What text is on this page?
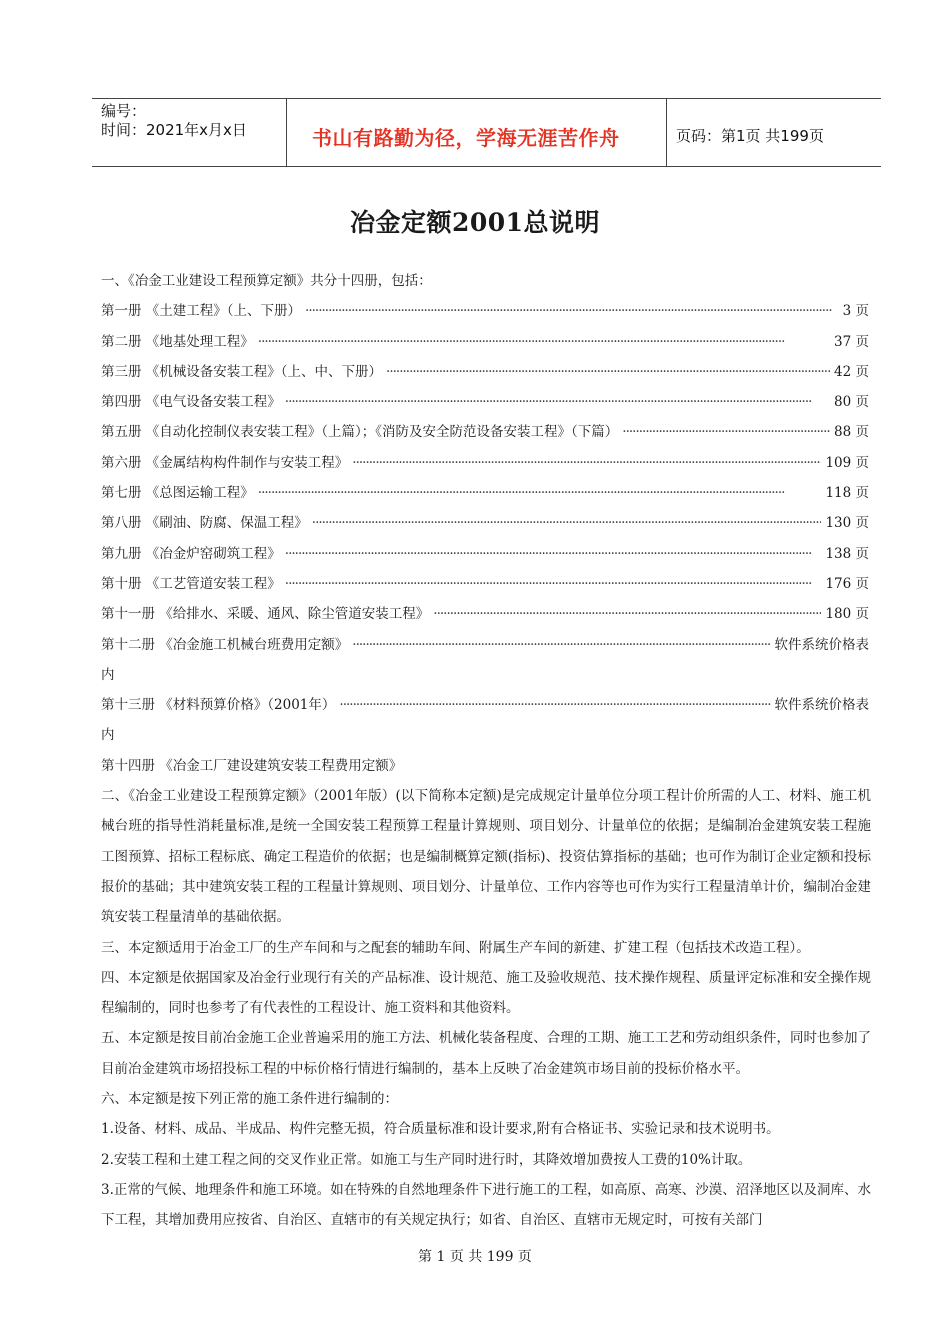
编号：
时间：2021年x月x日	书山有路勤为径，学海无涯苦作舟	页码：第1页 共199页
冶金定额2001总说明
一、《冶金工业建设工程预算定额》共分十四册，包括：
第一册 《土建工程》（上、下册） ·····	3 页
第二册 《地基处理工程》 ·····	37 页
第三册 《机械设备安装工程》（上、中、下册） ·····	42 页
第四册 《电气设备安装工程》 ·····	80 页
第五册 《自动化控制仪表安装工程》（上篇）；《消防及安全防范设备安装工程》（下篇） ·····	88 页
第六册 《金属结构构件制作与安装工程》 ·····	109 页
第七册 《总图运输工程》 ·····	118 页
第八册 《刷油、防腐、保温工程》 ·····	130 页
第九册 《冶金炉窑砌筑工程》 ·····	138 页
第十册 《工艺管道安装工程》 ·····	176 页
第十一册 《给排水、采暖、通风、除尘管道安装工程》 ·····	180 页
第十二册 《冶金施工机械台班费用定额》 ·····	软件系统价格表
内
第十三册 《材料预算价格》（2001年） ·····	软件系统价格表
内
第十四册 《冶金工厂建设建筑安装工程费用定额》
二、《冶金工业建设工程预算定额》（2001年版）(以下简称本定额)是完成规定计量单位分项工程计价所需的人工、材料、施工机械台班的指导性消耗量标准,是统一全国安装工程预算工程量计算规则、项目划分、计量单位的依据；是编制冶金建筑安装工程施工图预算、招标工程标底、确定工程造价的依据；也是编制概算定额(指标)、投资估算指标的基础；也可作为制订企业定额和投标报价的基础；其中建筑安装工程的工程量计算规则、项目划分、计量单位、工作内容等也可作为实行工程量清单计价，编制冶金建筑安装工程量清单的基础依据。
三、本定额适用于冶金工厂的生产车间和与之配套的辅助车间、附属生产车间的新建、扩建工程（包括技术改造工程）。
四、本定额是依据国家及冶金行业现行有关的产品标准、设计规范、施工及验收规范、技术操作规程、质量评定标准和安全操作规程编制的，同时也参考了有代表性的工程设计、施工资料和其他资料。
五、本定额是按目前冶金施工企业普遍采用的施工方法、机械化装备程度、合理的工期、施工工艺和劳动组织条件，同时也参加了目前冶金建筑市场招投标工程的中标价格行情进行编制的，基本上反映了冶金建筑市场目前的投标价格水平。
六、本定额是按下列正常的施工条件进行编制的：
1.设备、材料、成品、半成品、构件完整无损，符合质量标准和设计要求,附有合格证书、实验记录和技术说明书。
2.安装工程和土建工程之间的交叉作业正常。如施工与生产同时进行时，其降效增加费按人工费的10%计取。
3.正常的气候、地理条件和施工环境。如在特殊的自然地理条件下进行施工的工程，如高原、高寒、沙漠、沼泽地区以及洞库、水下工程，其增加费用应按省、自治区、直辖市的有关规定执行；如省、自治区、直辖市无规定时，可按有关部门
第 1 页 共 199 页
